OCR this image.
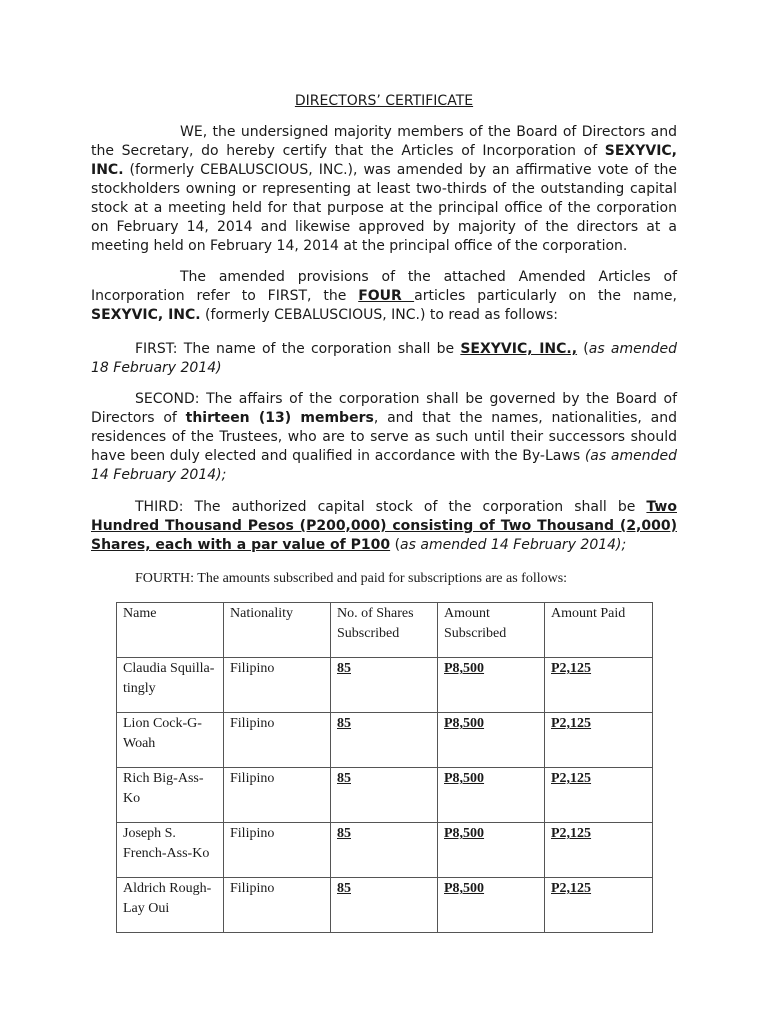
DIRECTORS’ CERTIFICATE
WE, the undersigned majority members of the Board of Directors and the Secretary, do hereby certify that the Articles of Incorporation of SEXYVIC, INC. (formerly CEBALUSCIOUS, INC.), was amended by an affirmative vote of the stockholders owning or representing at least two-thirds of the outstanding capital stock at a meeting held for that purpose at the principal office of the corporation on February 14, 2014 and likewise approved by majority of the directors at a meeting held on February 14, 2014 at the principal office of the corporation.
The amended provisions of the attached Amended Articles of Incorporation refer to FIRST, the FOUR articles particularly on the name, SEXYVIC, INC. (formerly CEBALUSCIOUS, INC.) to read as follows:
FIRST: The name of the corporation shall be SEXYVIC, INC., (as amended 18 February 2014)
SECOND: The affairs of the corporation shall be governed by the Board of Directors of thirteen (13) members, and that the names, nationalities, and residences of the Trustees, who are to serve as such until their successors should have been duly elected and qualified in accordance with the By-Laws (as amended 14 February 2014);
THIRD: The authorized capital stock of the corporation shall be Two Hundred Thousand Pesos (P200,000) consisting of Two Thousand (2,000) Shares, each with a par value of P100 (as amended 14 February 2014);
FOURTH: The amounts subscribed and paid for subscriptions are as follows:
Name	Nationality	No. of Shares Subscribed	Amount Subscribed	Amount Paid
Claudia Squilla-tingly	Filipino	85	P8,500	P2,125
Lion Cock-G-Woah	Filipino	85	P8,500	P2,125
Rich Big-Ass-Ko	Filipino	85	P8,500	P2,125
Joseph S. French-Ass-Ko	Filipino	85	P8,500	P2,125
Aldrich Rough-Lay Oui	Filipino	85	P8,500	P2,125
